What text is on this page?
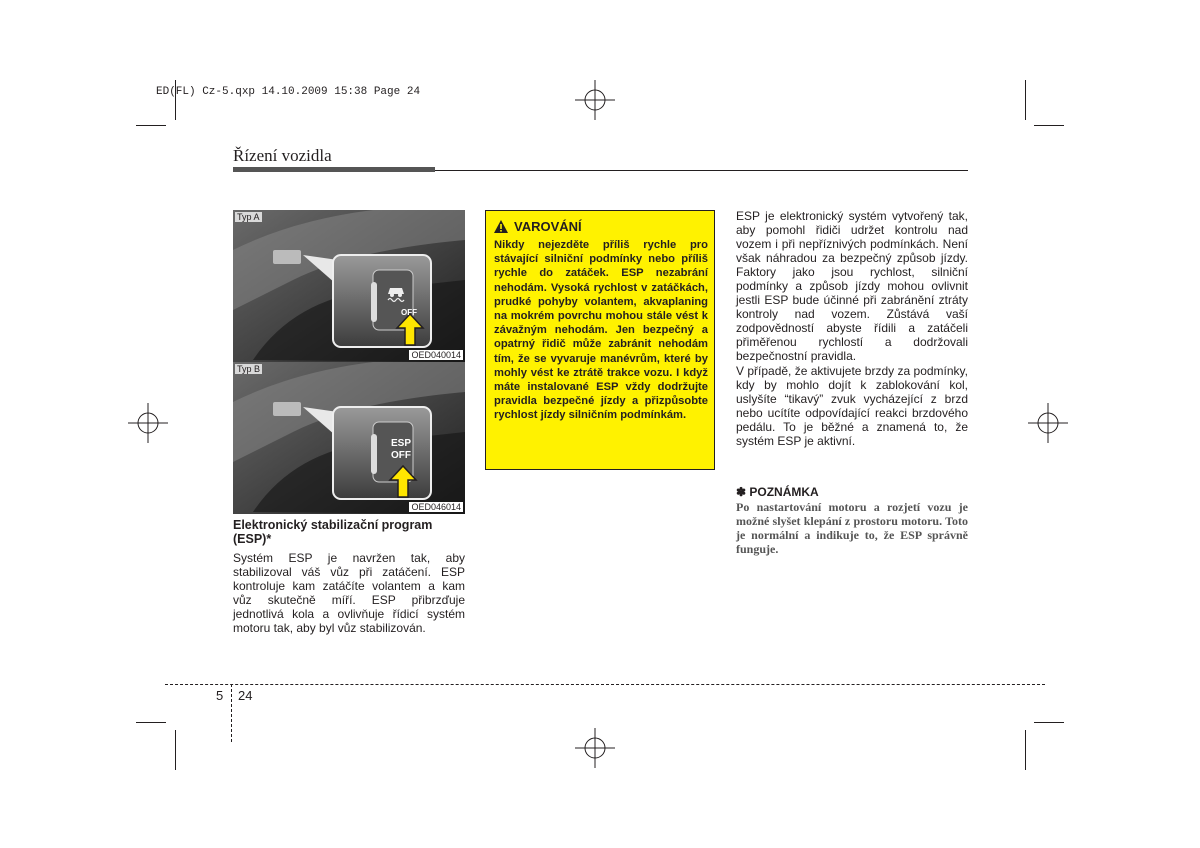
ED(FL) Cz-5.qxp 14.10.2009 15:38 Page 24
Řízení vozidla
OFF
Typ A
OED040014
ESP
OFF
Typ B
OED046014
Elektronický stabilizační program (ESP)*
Systém ESP je navržen tak, aby stabilizoval váš vůz při zatáčení. ESP kontroluje kam zatáčíte volantem a kam vůz skutečně míří. ESP přibrzďuje jednotlivá kola a ovlivňuje řídicí systém motoru tak, aby byl vůz stabilizován.
VAROVÁNÍ
Nikdy nejezděte příliš rychle pro stávající silniční podmínky nebo příliš rychle do zatáček. ESP nezabrání nehodám. Vysoká rychlost v zatáčkách, prudké pohyby volantem, akvaplaning na mokrém povrchu mohou stále vést k závažným nehodám. Jen bezpečný a opatrný řidič může zabránit nehodám tím, že se vyvaruje manévrům, které by mohly vést ke ztrátě trakce vozu. I když máte instalované ESP vždy dodržujte pravidla bezpečné jízdy a přizpůsobte rychlost jízdy silničním podmínkám.
ESP je elektronický systém vytvořený tak, aby pomohl řidiči udržet kontrolu nad vozem i při nepříznivých podmínkách. Není však náhradou za bezpečný způsob jízdy. Faktory jako jsou rychlost, silniční podmínky a způsob jízdy mohou ovlivnit jestli ESP bude účinné při zabránění ztráty kontroly nad vozem. Zůstává vaší zodpovědností abyste řídili a zatáčeli přiměřenou rychlostí a dodržovali bezpečnostní pravidla.
V případě, že aktivujete brzdy za podmínky, kdy by mohlo dojít k zablokování kol, uslyšíte “tikavý” zvuk vycházející z brzd nebo ucítíte odpovídající reakci brzdového pedálu. To je běžné a znamená to, že systém ESP je aktivní.
✽ POZNÁMKA
Po nastartování motoru a rozjetí vozu je možné slyšet klepání z prostoru motoru. Toto je normální a indikuje to, že ESP správně funguje.
5 24
